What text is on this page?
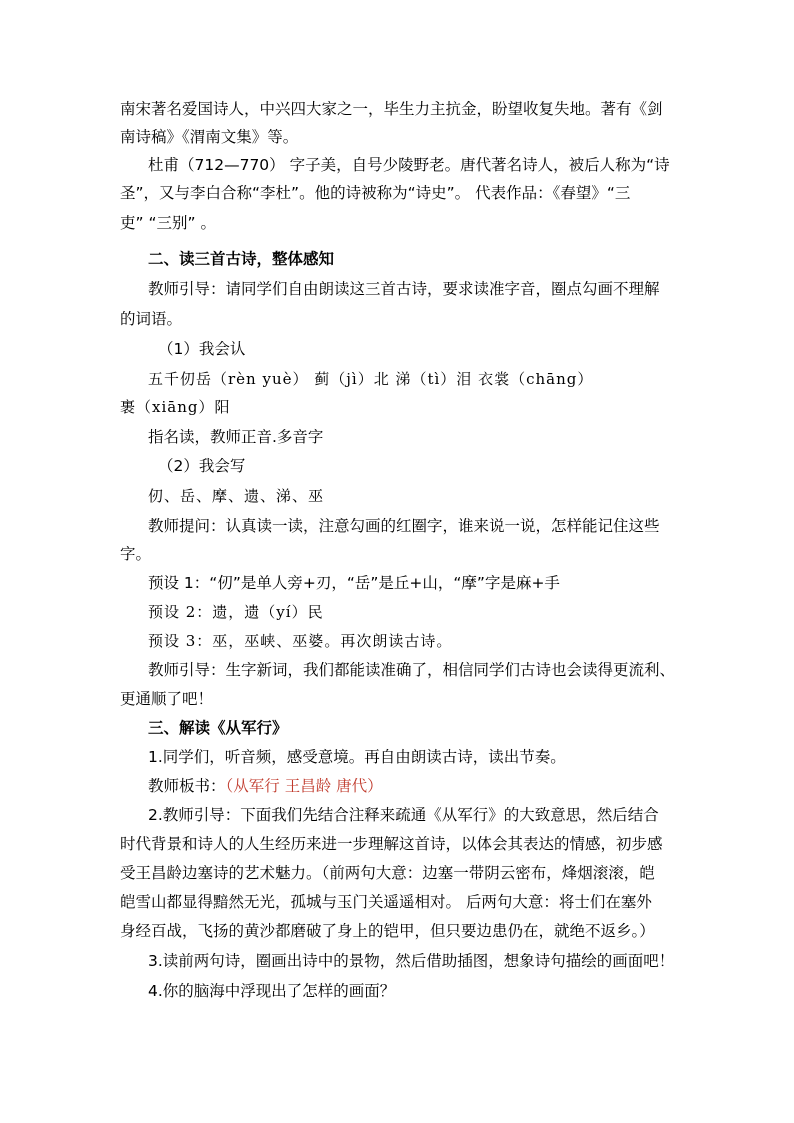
南宋著名爱国诗人，中兴四大家之一，毕生力主抗金，盼望收复失地。著有《剑
南诗稿》《渭南文集》等。
杜甫（712—770） 字子美，自号少陵野老。唐代著名诗人，被后人称为“诗
圣”，又与李白合称“李杜”。他的诗被称为“诗史”。 代表作品：《春望》“三
吏” “三别” 。
二、读三首古诗，整体感知
教师引导：请同学们自由朗读这三首古诗，要求读准字音，圈点勾画不理解
的词语。
（1）我会认
五千仞岳（rèn yuè） 蓟（jì）北 涕（tì）泪 衣裳（chāng）
裹（xiāng）阳
指名读，教师正音.多音字
（2）我会写
仞、岳、摩、遗、涕、巫
教师提问：认真读一读，注意勾画的红圈字，谁来说一说，怎样能记住这些
字。
预设 1：“仞”是单人旁+刃，“岳”是丘+山，“摩”字是麻+手
预设 2：遗，遗（yí）民
预设 3：巫，巫峡、巫婆。再次朗读古诗。
教师引导：生字新词，我们都能读准确了，相信同学们古诗也会读得更流利、
更通顺了吧！
三、解读《从军行》
1.同学们，听音频，感受意境。再自由朗读古诗，读出节奏。
教师板书：（从军行 王昌龄 唐代）
2.教师引导：下面我们先结合注释来疏通《从军行》的大致意思，然后结合
时代背景和诗人的人生经历来进一步理解这首诗，以体会其表达的情感，初步感
受王昌龄边塞诗的艺术魅力。（前两句大意：边塞一带阴云密布，烽烟滚滚，皑
皑雪山都显得黯然无光，孤城与玉门关遥遥相对。 后两句大意：将士们在塞外
身经百战，飞扬的黄沙都磨破了身上的铠甲，但只要边患仍在，就绝不返乡。）
3.读前两句诗，圈画出诗中的景物，然后借助插图，想象诗句描绘的画面吧！
4.你的脑海中浮现出了怎样的画面？
